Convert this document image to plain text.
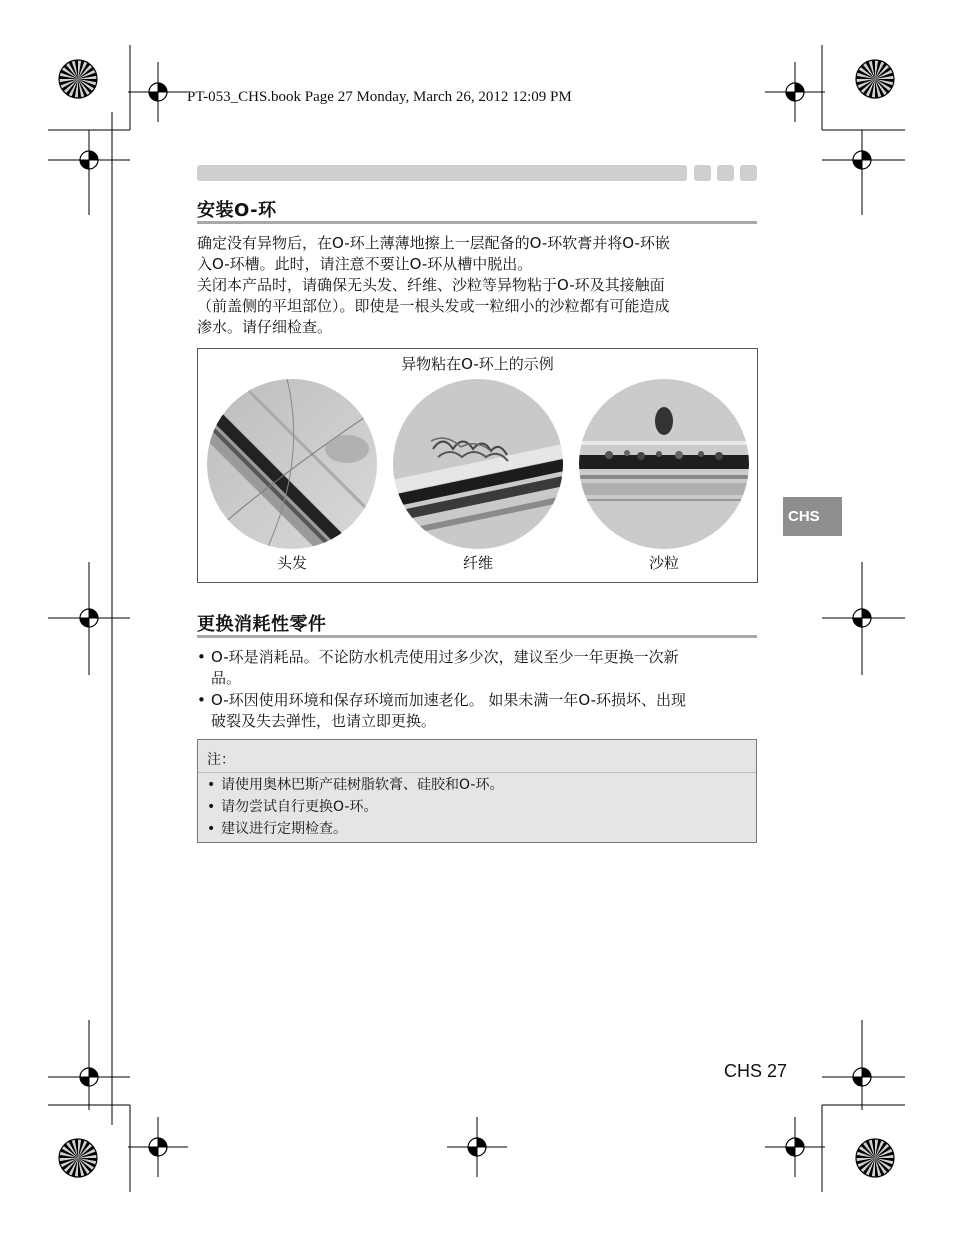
PT-053_CHS.book Page 27 Monday, March 26, 2012 12:09 PM
安装O-环

确定没有异物后，在O-环上薄薄地擦上一层配备的O-环软膏并将O-环嵌

入O-环槽。此时，请注意不要让O-环从槽中脱出。

关闭本产品时，请确保无头发、纤维、沙粒等异物粘于O-环及其接触面

（前盖侧的平坦部位）。即使是一根头发或一粒细小的沙粒都有可能造成

渗水。请仔细检查。

异物粘在O-环上的示例
头发	纤维	沙粒
更换消耗性零件
• O-环是消耗品。不论防水机壳使用过多少次，建议至少一年更换一次新
品。
• O-环因使用环境和保存环境而加速老化。 如果未满一年O-环损坏、出现
破裂及失去弹性，也请立即更换。
注：
• 请使用奥林巴斯产硅树脂软膏、硅胶和O-环。
• 请勿尝试自行更换O-环。
• 建议进行定期检查。
CHS
CHS 27
